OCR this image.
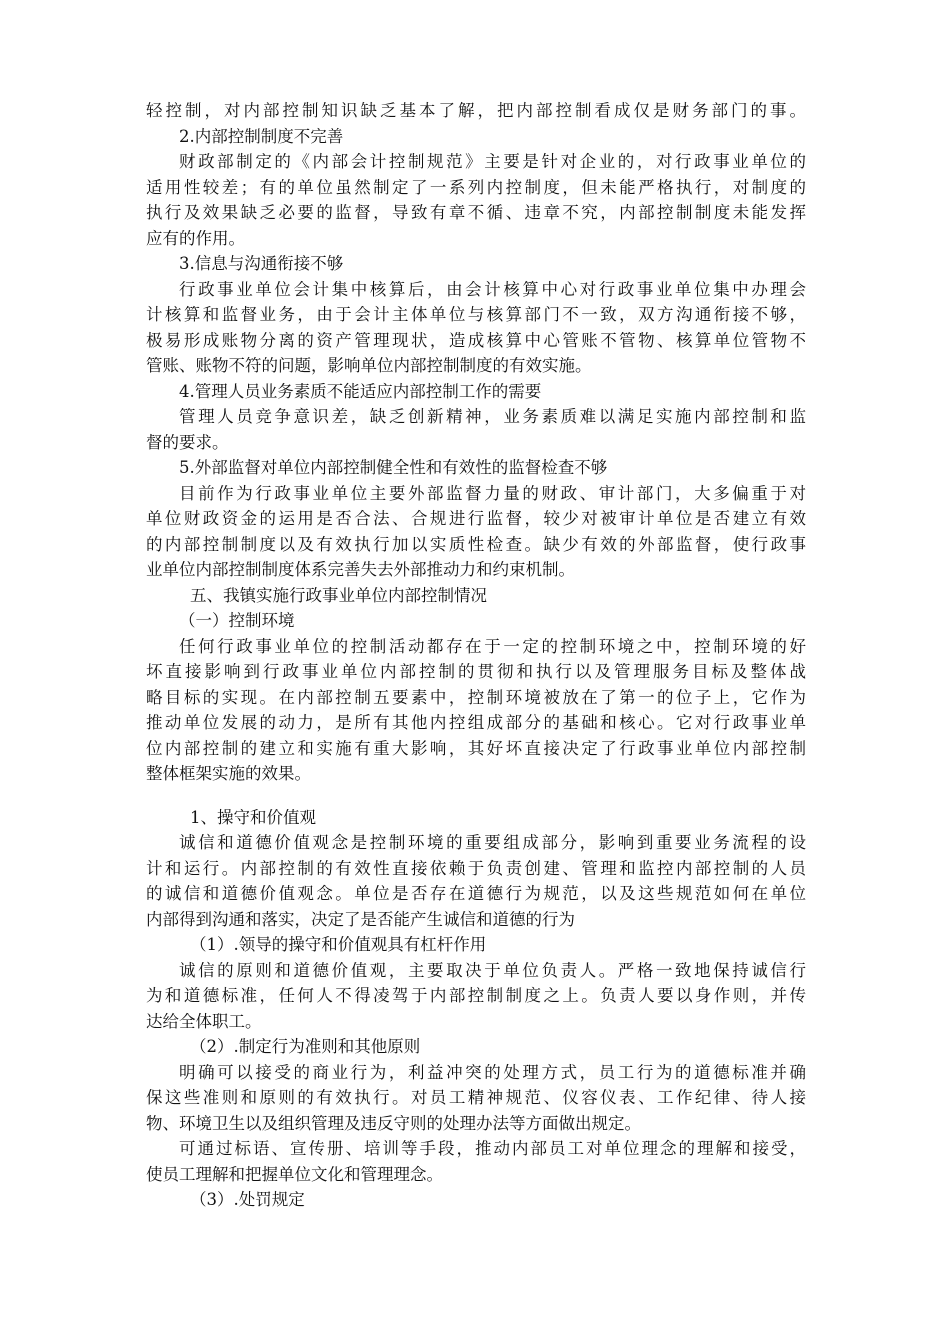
轻控制，对内部控制知识缺乏基本了解，把内部控制看成仅是财务部门的事。
2.内部控制制度不完善
财政部制定的《内部会计控制规范》主要是针对企业的，对行政事业单位的
适用性较差；有的单位虽然制定了一系列内控制度，但未能严格执行，对制度的
执行及效果缺乏必要的监督，导致有章不循、违章不究，内部控制制度未能发挥
应有的作用。
3.信息与沟通衔接不够
行政事业单位会计集中核算后，由会计核算中心对行政事业单位集中办理会
计核算和监督业务，由于会计主体单位与核算部门不一致，双方沟通衔接不够，
极易形成账物分离的资产管理现状，造成核算中心管账不管物、核算单位管物不
管账、账物不符的问题，影响单位内部控制制度的有效实施。
4.管理人员业务素质不能适应内部控制工作的需要
管理人员竞争意识差，缺乏创新精神，业务素质难以满足实施内部控制和监
督的要求。
5.外部监督对单位内部控制健全性和有效性的监督检查不够
目前作为行政事业单位主要外部监督力量的财政、审计部门，大多偏重于对
单位财政资金的运用是否合法、合规进行监督，较少对被审计单位是否建立有效
的内部控制制度以及有效执行加以实质性检查。缺少有效的外部监督，使行政事
业单位内部控制制度体系完善失去外部推动力和约束机制。
五、我镇实施行政事业单位内部控制情况
（一）控制环境
任何行政事业单位的控制活动都存在于一定的控制环境之中，控制环境的好
坏直接影响到行政事业单位内部控制的贯彻和执行以及管理服务目标及整体战
略目标的实现。在内部控制五要素中，控制环境被放在了第一的位子上，它作为
推动单位发展的动力，是所有其他内控组成部分的基础和核心。它对行政事业单
位内部控制的建立和实施有重大影响，其好坏直接决定了行政事业单位内部控制
整体框架实施的效果。
1、操守和价值观
诚信和道德价值观念是控制环境的重要组成部分，影响到重要业务流程的设
计和运行。内部控制的有效性直接依赖于负责创建、管理和监控内部控制的人员
的诚信和道德价值观念。单位是否存在道德行为规范，以及这些规范如何在单位
内部得到沟通和落实，决定了是否能产生诚信和道德的行为
（1）.领导的操守和价值观具有杠杆作用
诚信的原则和道德价值观，主要取决于单位负责人。严格一致地保持诚信行
为和道德标准，任何人不得凌驾于内部控制制度之上。负责人要以身作则，并传
达给全体职工。
（2）.制定行为准则和其他原则
明确可以接受的商业行为，利益冲突的处理方式，员工行为的道德标准并确
保这些准则和原则的有效执行。对员工精神规范、仪容仪表、工作纪律、待人接
物、环境卫生以及组织管理及违反守则的处理办法等方面做出规定。
可通过标语、宣传册、培训等手段，推动内部员工对单位理念的理解和接受，
使员工理解和把握单位文化和管理理念。
（3）.处罚规定
